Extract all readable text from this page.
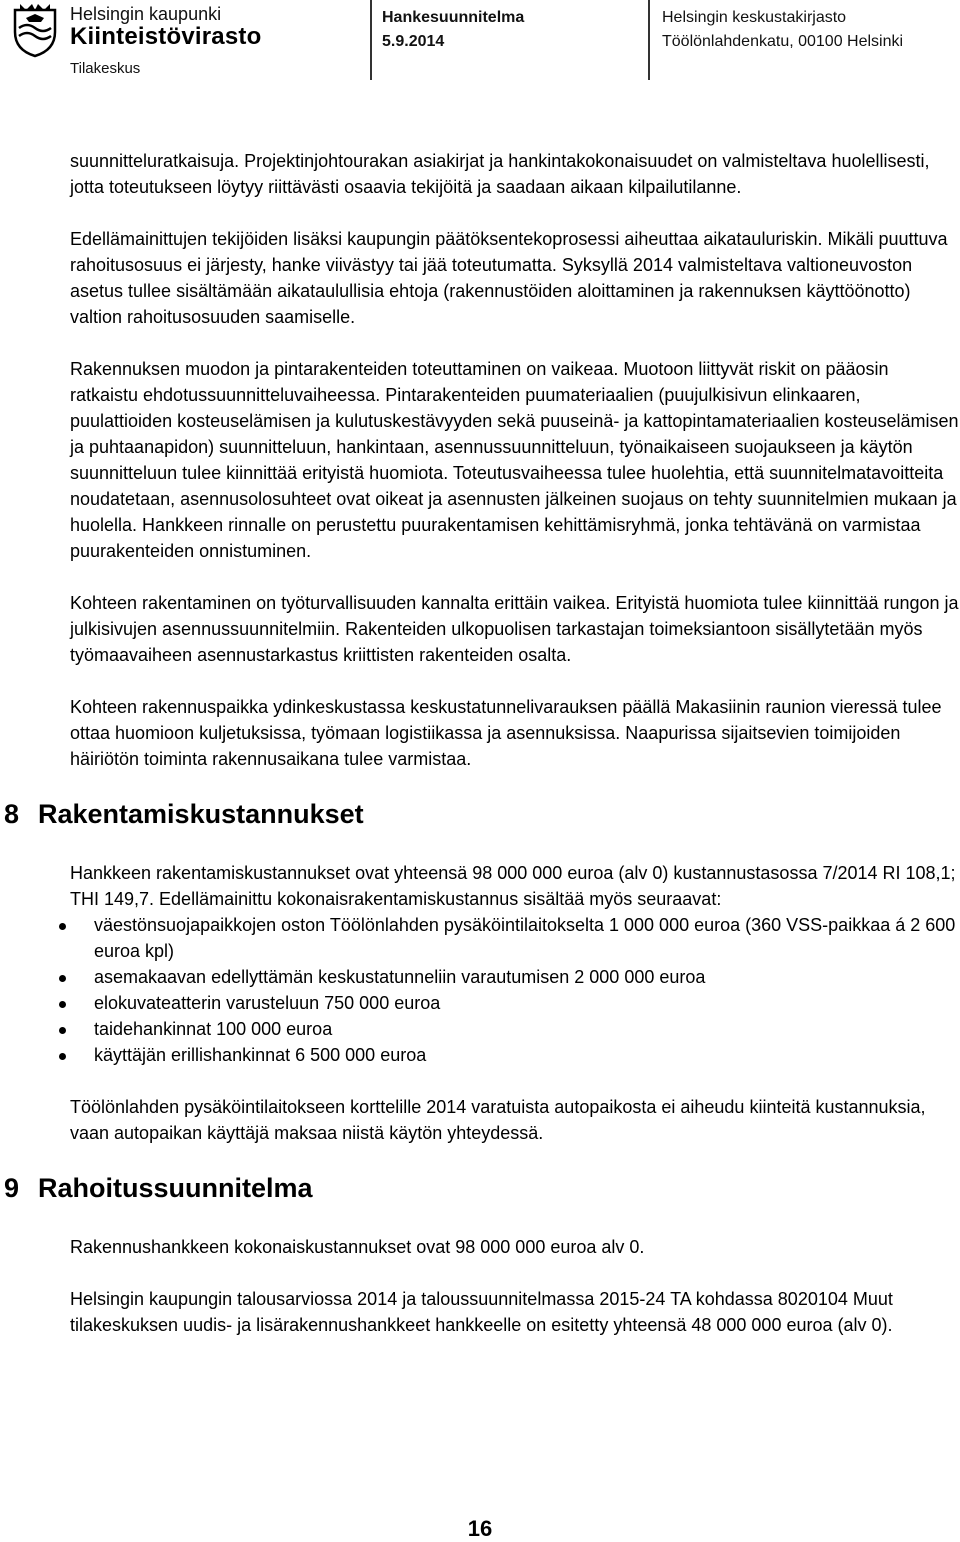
Helsingin kaupunki
Kiinteistövirasto
Tilakeskus
Hankesuunnitelma
5.9.2014
Helsingin keskustakirjasto
Töölönlahdenkatu, 00100 Helsinki

suunnitteluratkaisuja. Projektinjohtourakan asiakirjat ja hankintakokonaisuudet on valmisteltava huolellisesti, jotta toteutukseen löytyy riittävästi osaavia tekijöitä ja saadaan aikaan kilpailutilanne.

Edellämainittujen tekijöiden lisäksi kaupungin päätöksentekoprosessi aiheuttaa aikatauluriskin. Mikäli puuttuva rahoitusosuus ei järjesty, hanke viivästyy tai jää toteutumatta. Syksyllä 2014 valmisteltava valtioneuvoston asetus tullee sisältämään aikataulullisia ehtoja (rakennustöiden aloittaminen ja rakennuksen käyttöönotto) valtion rahoitusosuuden saamiselle.

Rakennuksen muodon ja pintarakenteiden toteuttaminen on vaikeaa. Muotoon liittyvät riskit on pääosin ratkaistu ehdotussuunnitteluvaiheessa. Pintarakenteiden puumateriaalien (puujulkisivun elinkaaren, puulattioiden kosteuselämisen ja kulutuskestävyyden sekä puuseinä- ja kattopintamateriaalien kosteuselämisen ja puhtaanapidon) suunnitteluun, hankintaan, asennussuunnitteluun, työnaikaiseen suojaukseen ja käytön suunnitteluun tulee kiinnittää erityistä huomiota. Toteutusvaiheessa tulee huolehtia, että suunnitelmatavoitteita noudatetaan, asennusolosuhteet ovat oikeat ja asennusten jälkeinen suojaus on tehty suunnitelmien mukaan ja huolella. Hankkeen rinnalle on perustettu puurakentamisen kehittämisryhmä, jonka tehtävänä on varmistaa puurakenteiden onnistuminen.

Kohteen rakentaminen on työturvallisuuden kannalta erittäin vaikea. Erityistä huomiota tulee kiinnittää rungon ja julkisivujen asennussuunnitelmiin. Rakenteiden ulkopuolisen tarkastajan toimeksiantoon sisällytetään myös työmaavaiheen asennustarkastus kriittisten rakenteiden osalta.

Kohteen rakennuspaikka ydinkeskustassa keskustatunnelivarauksen päällä Makasiinin raunion vieressä tulee ottaa huomioon kuljetuksissa, työmaan logistiikassa ja asennuksissa. Naapurissa sijaitsevien toimijoiden häiriötön toiminta rakennusaikana tulee varmistaa.

8 Rakentamiskustannukset

Hankkeen rakentamiskustannukset ovat yhteensä 98 000 000 euroa (alv 0) kustannustasossa 7/2014 RI 108,1; THI 149,7. Edellämainittu kokonaisrakentamiskustannus sisältää myös seuraavat:

väestönsuojapaikkojen oston Töölönlahden pysäköintilaitokselta 1 000 000 euroa (360 VSS-paikkaa á 2 600 euroa kpl)
asemakaavan edellyttämän keskustatunneliin varautumisen 2 000 000 euroa
elokuvateatterin varusteluun 750 000 euroa
taidehankinnat 100 000 euroa
käyttäjän erillishankinnat 6 500 000 euroa

Töölönlahden pysäköintilaitokseen korttelille 2014 varatuista autopaikosta ei aiheudu kiinteitä kustannuksia, vaan autopaikan käyttäjä maksaa niistä käytön yhteydessä.

9 Rahoitussuunnitelma

Rakennushankkeen kokonaiskustannukset ovat 98 000 000 euroa alv 0.

Helsingin kaupungin talousarviossa 2014 ja taloussuunnitelmassa 2015-24 TA kohdassa 8020104 Muut tilakeskuksen uudis- ja lisärakennushankkeet hankkeelle on esitetty yhteensä 48 000 000 euroa (alv 0).

16
